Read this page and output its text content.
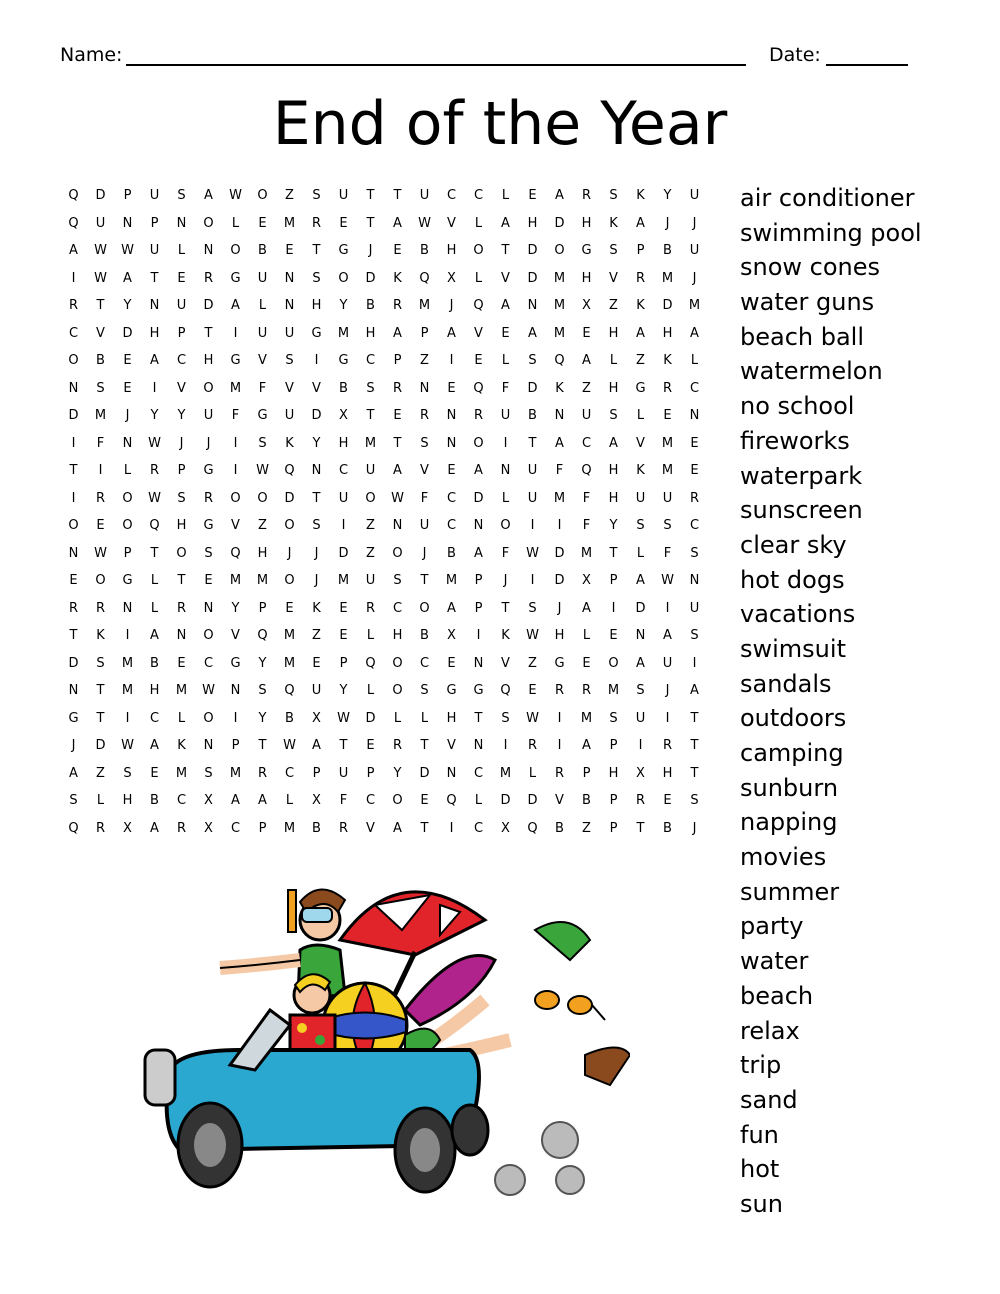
Name:	Date:
End of the Year
Q	D	P	U	S	A	W	O	Z	S	U	T	T	U	C	C	L	E	A	R	S	K	Y	U
Q	U	N	P	N	O	L	E	M	R	E	T	A	W	V	L	A	H	D	H	K	A	J	J
A	W	W	U	L	N	O	B	E	T	G	J	E	B	H	O	T	D	O	G	S	P	B	U
I	W	A	T	E	R	G	U	N	S	O	D	K	Q	X	L	V	D	M	H	V	R	M	J
R	T	Y	N	U	D	A	L	N	H	Y	B	R	M	J	Q	A	N	M	X	Z	K	D	M
C	V	D	H	P	T	I	U	U	G	M	H	A	P	A	V	E	A	M	E	H	A	H	A
O	B	E	A	C	H	G	V	S	I	G	C	P	Z	I	E	L	S	Q	A	L	Z	K	L
N	S	E	I	V	O	M	F	V	V	B	S	R	N	E	Q	F	D	K	Z	H	G	R	C
D	M	J	Y	Y	U	F	G	U	D	X	T	E	R	N	R	U	B	N	U	S	L	E	N
I	F	N	W	J	J	I	S	K	Y	H	M	T	S	N	O	I	T	A	C	A	V	M	E
T	I	L	R	P	G	I	W	Q	N	C	U	A	V	E	A	N	U	F	Q	H	K	M	E
I	R	O	W	S	R	O	O	D	T	U	O	W	F	C	D	L	U	M	F	H	U	U	R
O	E	O	Q	H	G	V	Z	O	S	I	Z	N	U	C	N	O	I	I	F	Y	S	S	C
N	W	P	T	O	S	Q	H	J	J	D	Z	O	J	B	A	F	W	D	M	T	L	F	S
E	O	G	L	T	E	M	M	O	J	M	U	S	T	M	P	J	I	D	X	P	A	W	N
R	R	N	L	R	N	Y	P	E	K	E	R	C	O	A	P	T	S	J	A	I	D	I	U
T	K	I	A	N	O	V	Q	M	Z	E	L	H	B	X	I	K	W	H	L	E	N	A	S
D	S	M	B	E	C	G	Y	M	E	P	Q	O	C	E	N	V	Z	G	E	O	A	U	I
N	T	M	H	M	W	N	S	Q	U	Y	L	O	S	G	G	Q	E	R	R	M	S	J	A
G	T	I	C	L	O	I	Y	B	X	W	D	L	L	H	T	S	W	I	M	S	U	I	T
J	D	W	A	K	N	P	T	W	A	T	E	R	T	V	N	I	R	I	A	P	I	R	T
A	Z	S	E	M	S	M	R	C	P	U	P	Y	D	N	C	M	L	R	P	H	X	H	T
S	L	H	B	C	X	A	A	L	X	F	C	O	E	Q	L	D	D	V	B	P	R	E	S
Q	R	X	A	R	X	C	P	M	B	R	V	A	T	I	C	X	Q	B	Z	P	T	B	J
air conditioner
swimming pool
snow cones
water guns
beach ball
watermelon
no school
fireworks
waterpark
sunscreen
clear sky
hot dogs
vacations
swimsuit
sandals
outdoors
camping
sunburn
napping
movies
summer
party
water
beach
relax
trip
sand
fun
hot
sun
